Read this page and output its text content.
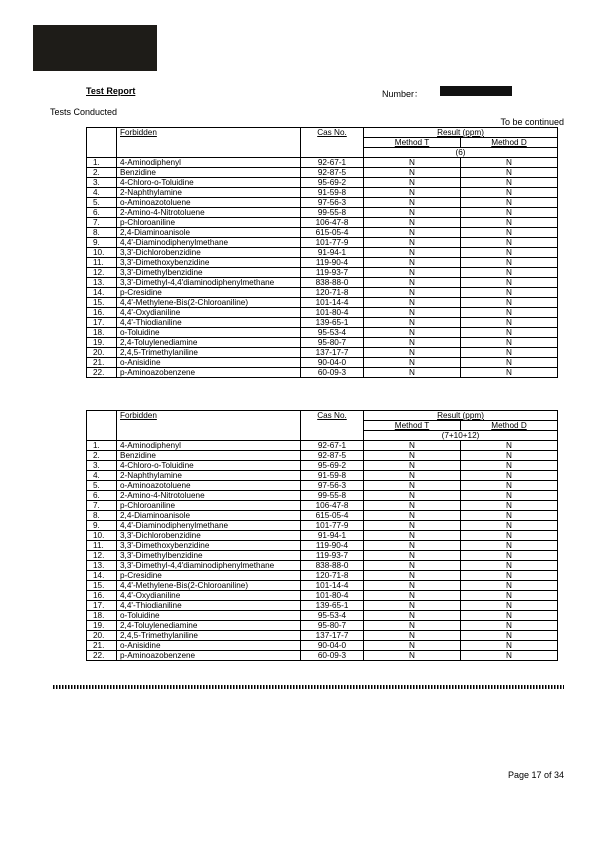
Test Report	Number：
Tests Conducted
To be continued
	Forbidden	Cas No.	Result (ppm)	
			Method T	Method D
			(6)	
1.	4-Aminodiphenyl	92-67-1	N	N
2.	Benzidine	92-87-5	N	N
3.	4-Chloro-o-Toluidine	95-69-2	N	N
4.	2-Naphthylamine	91-59-8	N	N
5.	o-Aminoazotoluene	97-56-3	N	N
6.	2-Amino-4-Nitrotoluene	99-55-8	N	N
7.	p-Chloroaniline	106-47-8	N	N
8.	2,4-Diaminoanisole	615-05-4	N	N
9.	4,4'-Diaminodiphenylmethane	101-77-9	N	N
10.	3,3'-Dichlorobenzidine	91-94-1	N	N
11.	3,3'-Dimethoxybenzidine	119-90-4	N	N
12.	3,3'-Dimethylbenzidine	119-93-7	N	N
13.	3,3'-Dimethyl-4,4'diaminodiphenylmethane	838-88-0	N	N
14.	p-Cresidine	120-71-8	N	N
15.	4,4'-Methylene-Bis(2-Chloroaniline)	101-14-4	N	N
16.	4,4'-Oxydianiline	101-80-4	N	N
17.	4,4'-Thiodianiline	139-65-1	N	N
18.	o-Toluidine	95-53-4	N	N
19.	2,4-Toluylenediamine	95-80-7	N	N
20.	2,4,5-Trimethylaniline	137-17-7	N	N
21.	o-Anisidine	90-04-0	N	N
22.	p-Aminoazobenzene	60-09-3	N	N
	Forbidden	Cas No.	Result (ppm)	
			Method T	Method D
			(7+10+12)	
1.	4-Aminodiphenyl	92-67-1	N	N
2.	Benzidine	92-87-5	N	N
3.	4-Chloro-o-Toluidine	95-69-2	N	N
4.	2-Naphthylamine	91-59-8	N	N
5.	o-Aminoazotoluene	97-56-3	N	N
6.	2-Amino-4-Nitrotoluene	99-55-8	N	N
7.	p-Chloroaniline	106-47-8	N	N
8.	2,4-Diaminoanisole	615-05-4	N	N
9.	4,4'-Diaminodiphenylmethane	101-77-9	N	N
10.	3,3'-Dichlorobenzidine	91-94-1	N	N
11.	3,3'-Dimethoxybenzidine	119-90-4	N	N
12.	3,3'-Dimethylbenzidine	119-93-7	N	N
13.	3,3'-Dimethyl-4,4'diaminodiphenylmethane	838-88-0	N	N
14.	p-Cresidine	120-71-8	N	N
15.	4,4'-Methylene-Bis(2-Chloroaniline)	101-14-4	N	N
16.	4,4'-Oxydianiline	101-80-4	N	N
17.	4,4'-Thiodianiline	139-65-1	N	N
18.	o-Toluidine	95-53-4	N	N
19.	2,4-Toluylenediamine	95-80-7	N	N
20.	2,4,5-Trimethylaniline	137-17-7	N	N
21.	o-Anisidine	90-04-0	N	N
22.	p-Aminoazobenzene	60-09-3	N	N
Page 17 of 34
